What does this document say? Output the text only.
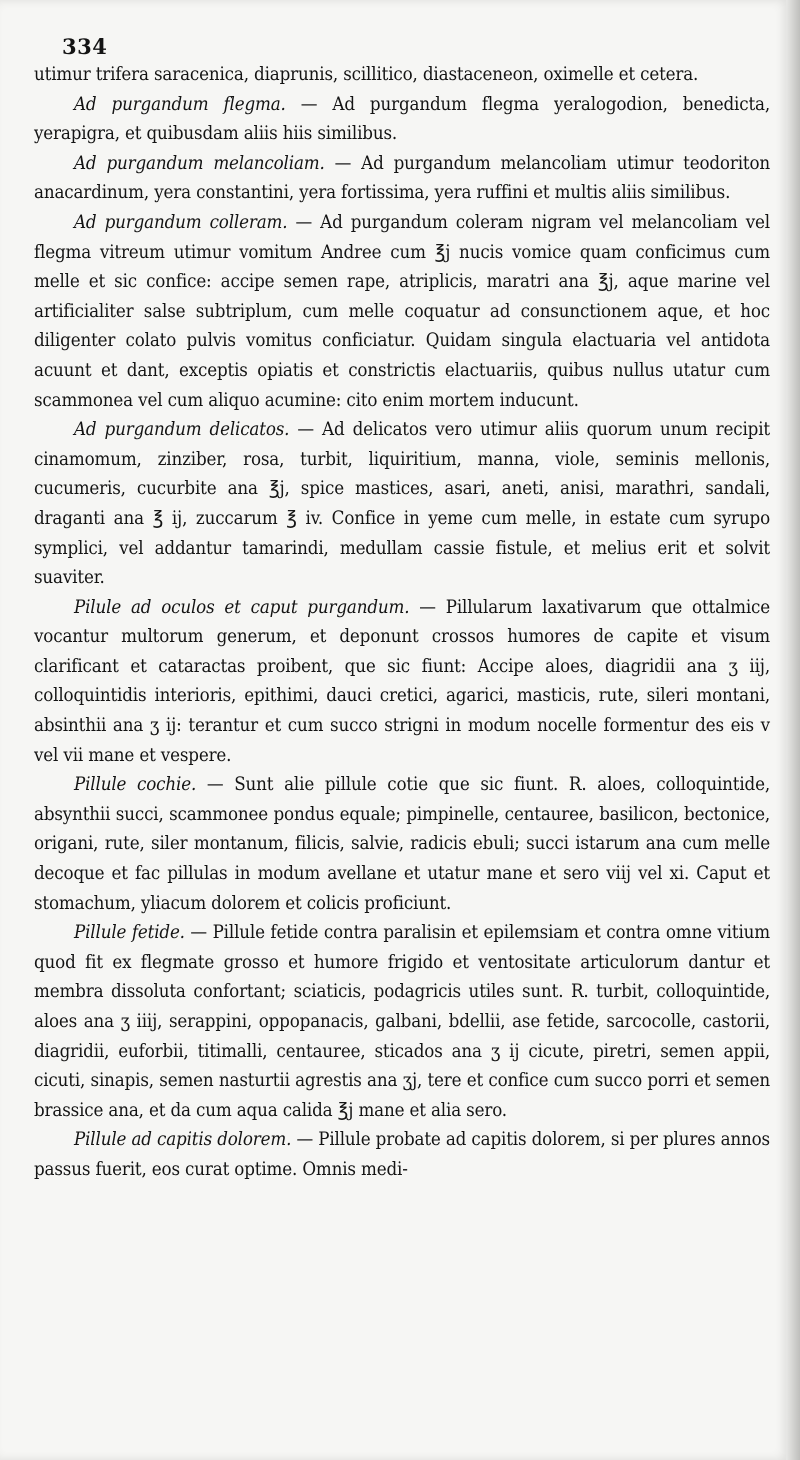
334

utimur trifera saracenica, diaprunis, scillitico, diastaceneon, oximelle et cetera.

Ad purgandum flegma. — Ad purgandum flegma yeralogodion, benedicta, yerapigra, et quibusdam aliis hiis similibus.

Ad purgandum melancoliam. — Ad purgandum melancoliam utimur teodoriton anacardinum, yera constantini, yera fortissima, yera ruffini et multis aliis similibus.

Ad purgandum colleram. — Ad purgandum coleram nigram vel melancoliam vel flegma vitreum utimur vomitum Andree cum ℥j nucis vomice quam conficimus cum melle et sic confice: accipe semen rape, atriplicis, maratri ana ℥j, aque marine vel artificialiter salse subtriplum, cum melle coquatur ad consunctionem aque, et hoc diligenter colato pulvis vomitus conficiatur. Quidam singula elactuaria vel antidota acuunt et dant, exceptis opiatis et constrictis elactuariis, quibus nullus utatur cum scammonea vel cum aliquo acumine: cito enim mortem inducunt.

Ad purgandum delicatos. — Ad delicatos vero utimur aliis quorum unum recipit cinamomum, zinziber, rosa, turbit, liquiritium, manna, viole, seminis mellonis, cucumeris, cucurbite ana ℥j, spice mastices, asari, aneti, anisi, marathri, sandali, draganti ana ℥ ij, zuccarum ℥ iv. Confice in yeme cum melle, in estate cum syrupo symplici, vel addantur tamarindi, medullam cassie fistule, et melius erit et solvit suaviter.

Pilule ad oculos et caput purgandum. — Pillularum laxativarum que ottalmice vocantur multorum generum, et deponunt crossos humores de capite et visum clarificant et cataractas proibent, que sic fiunt: Accipe aloes, diagridii ana ʒ iij, colloquintidis interioris, epithimi, dauci cretici, agarici, masticis, rute, sileri montani, absinthii ana ʒ ij: terantur et cum succo strigni in modum nocelle formentur des eis v vel vii mane et vespere.

Pillule cochie. — Sunt alie pillule cotie que sic fiunt. R. aloes, colloquintide, absynthii succi, scammonee pondus equale; pimpinelle, centauree, basilicon, bectonice, origani, rute, siler montanum, filicis, salvie, radicis ebuli; succi istarum ana cum melle decoque et fac pillulas in modum avellane et utatur mane et sero viij vel xi. Caput et stomachum, yliacum dolorem et colicis proficiunt.

Pillule fetide. — Pillule fetide contra paralisin et epilemsiam et contra omne vitium quod fit ex flegmate grosso et humore frigido et ventositate articulorum dantur et membra dissoluta confortant; sciaticis, podagricis utiles sunt. R. turbit, colloquintide, aloes ana ʒ iiij, serappini, oppopanacis, galbani, bdellii, ase fetide, sarcocolle, castorii, diagridii, euforbii, titimalli, centauree, sticados ana ʒ ij cicute, piretri, semen appii, cicuti, sinapis, semen nasturtii agrestis ana ʒj, tere et confice cum succo porri et semen brassice ana, et da cum aqua calida ℥j mane et alia sero.

Pillule ad capitis dolorem. — Pillule probate ad capitis dolorem, si per plures annos passus fuerit, eos curat optime. Omnis medi-
